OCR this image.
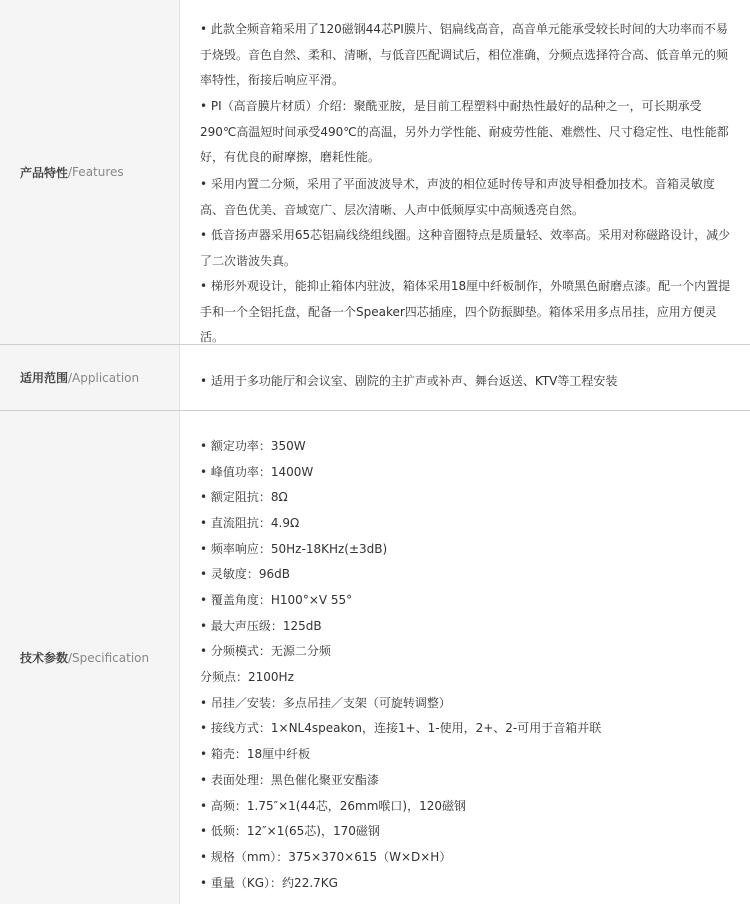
产品特性 /Features
• 此款全频音箱采用了120磁钢44芯PI膜片、铝扁线高音，高音单元能承受较长时间的大功率而不易于烧毁。音色自然、柔和、清晰，与低音匹配调试后，相位准确，分频点选择符合高、低音单元的频率特性，衔接后响应平滑。
• PI（高音膜片材质）介绍：聚酰亚胺，是目前工程塑料中耐热性最好的品种之一，可长期承受290℃高温短时间承受490℃的高温，另外力学性能、耐疲劳性能、难燃性、尺寸稳定性、电性能都好，有优良的耐摩擦，磨耗性能。
• 采用内置二分频，采用了平面波波导术，声波的相位延时传导和声波导相叠加技术。音箱灵敏度高、音色优美、音域宽广、层次清晰、人声中低频厚实中高频透亮自然。
• 低音扬声器采用65芯铝扁线绕组线圈。这种音圈特点是质量轻、效率高。采用对称磁路设计，减少了二次谐波失真。
• 梯形外观设计，能抑止箱体内驻波，箱体采用18厘中纤板制作，外喷黑色耐磨点漆。配一个内置提手和一个全铝托盘，配备一个Speaker四芯插座，四个防振脚垫。箱体采用多点吊挂，应用方便灵活。
适用范围 /Application	• 适用于多功能厅和会议室、剧院的主扩声或补声、舞台返送、KTV等工程安装
技术参数 /Specification
• 额定功率：350W
• 峰值功率：1400W
• 额定阻抗：8Ω
• 直流阻抗：4.9Ω
• 频率响应：50Hz-18KHz(±3dB)
• 灵敏度：96dB
• 覆盖角度：H100°×V 55°
• 最大声压级：125dB
• 分频模式：无源二分频
分频点：2100Hz
• 吊挂／安装：多点吊挂／支架（可旋转调整）
• 接线方式：1×NL4speakon，连接1+、1-使用，2+、2-可用于音箱并联
• 箱壳：18厘中纤板
• 表面处理：黑色催化聚亚安酯漆
• 高频：1.75″×1(44芯，26mm喉口)，120磁钢
• 低频：12″×1(65芯)，170磁钢
• 规格（mm）：375×370×615（W×D×H）
• 重量（KG）：约22.7KG
